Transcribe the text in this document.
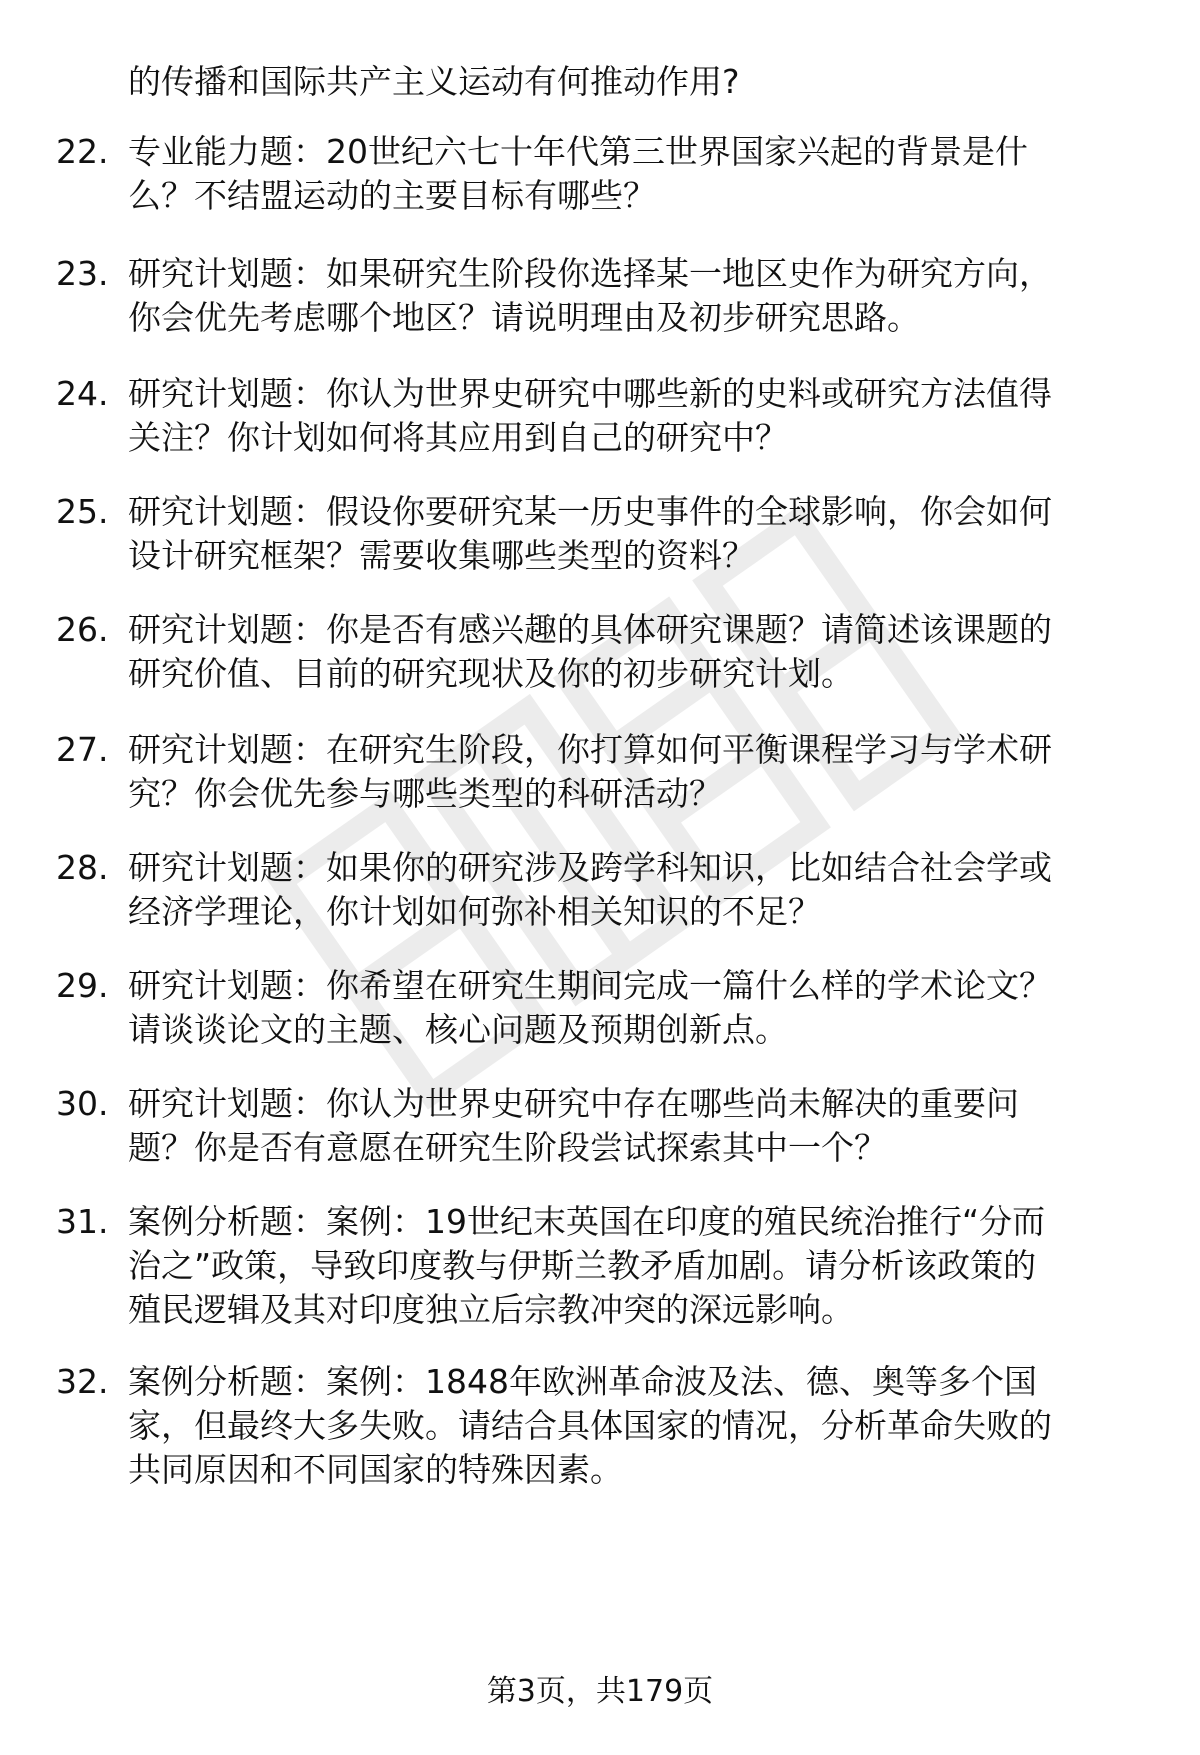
的传播和国际共产主义运动有何推动作用?
22. 专业能力题：20世纪六七十年代第三世界国家兴起的背景是什
么？不结盟运动的主要目标有哪些？
23. 研究计划题：如果研究生阶段你选择某一地区史作为研究方向，
你会优先考虑哪个地区？请说明理由及初步研究思路。
24. 研究计划题：你认为世界史研究中哪些新的史料或研究方法值得
关注？你计划如何将其应用到自己的研究中？
25. 研究计划题：假设你要研究某一历史事件的全球影响，你会如何
设计研究框架？需要收集哪些类型的资料？
26. 研究计划题：你是否有感兴趣的具体研究课题？请简述该课题的
研究价值、目前的研究现状及你的初步研究计划。
27. 研究计划题：在研究生阶段，你打算如何平衡课程学习与学术研
究？你会优先参与哪些类型的科研活动？
28. 研究计划题：如果你的研究涉及跨学科知识，比如结合社会学或
经济学理论，你计划如何弥补相关知识的不足？
29. 研究计划题：你希望在研究生期间完成一篇什么样的学术论文？
请谈谈论文的主题、核心问题及预期创新点。
30. 研究计划题：你认为世界史研究中存在哪些尚未解决的重要问
题？你是否有意愿在研究生阶段尝试探索其中一个？
31. 案例分析题：案例：19世纪末英国在印度的殖民统治推行“分而
治之”政策，导致印度教与伊斯兰教矛盾加剧。请分析该政策的
殖民逻辑及其对印度独立后宗教冲突的深远影响。
32. 案例分析题：案例：1848年欧洲革命波及法、德、奥等多个国
家，但最终大多失败。请结合具体国家的情况，分析革命失败的
共同原因和不同国家的特殊因素。
第3页，共179页
